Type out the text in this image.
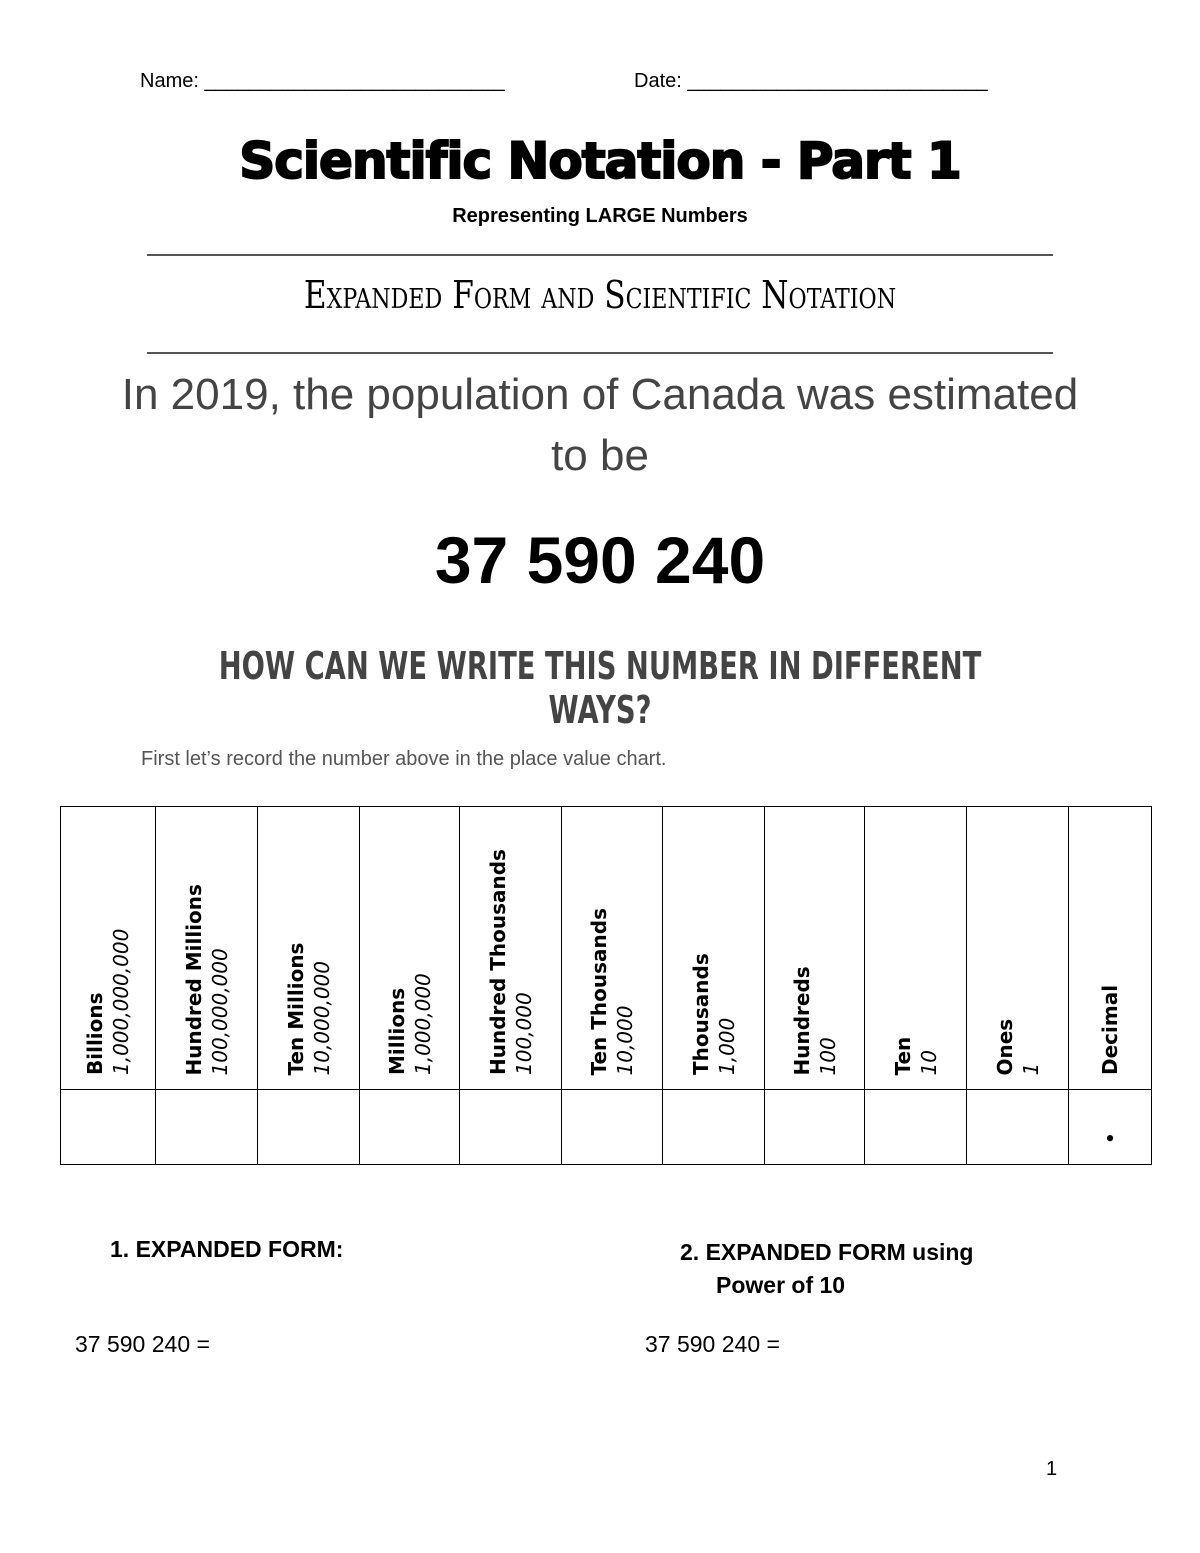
Name: ___________________________	Date: ___________________________
Scientific Notation - Part 1
Representing LARGE Numbers
Expanded Form and Scientific Notation
In 2019, the population of Canada was estimated to be
37 590 240
HOW CAN WE WRITE THIS NUMBER IN DIFFERENT WAYS?
First let’s record the number above in the place value chart.
Billions 1,000,000,000	Hundred Millions 100,000,000	Ten Millions 10,000,000	Millions 1,000,000	Hundred Thousands 100,000	Ten Thousands 10,000	Thousands 1,000	Hundreds 100	Ten 10	Ones 1	Decimal

										•
1. EXPANDED FORM:	2. EXPANDED FORM using
Power of 10
37 590 240 =	37 590 240 =
1
